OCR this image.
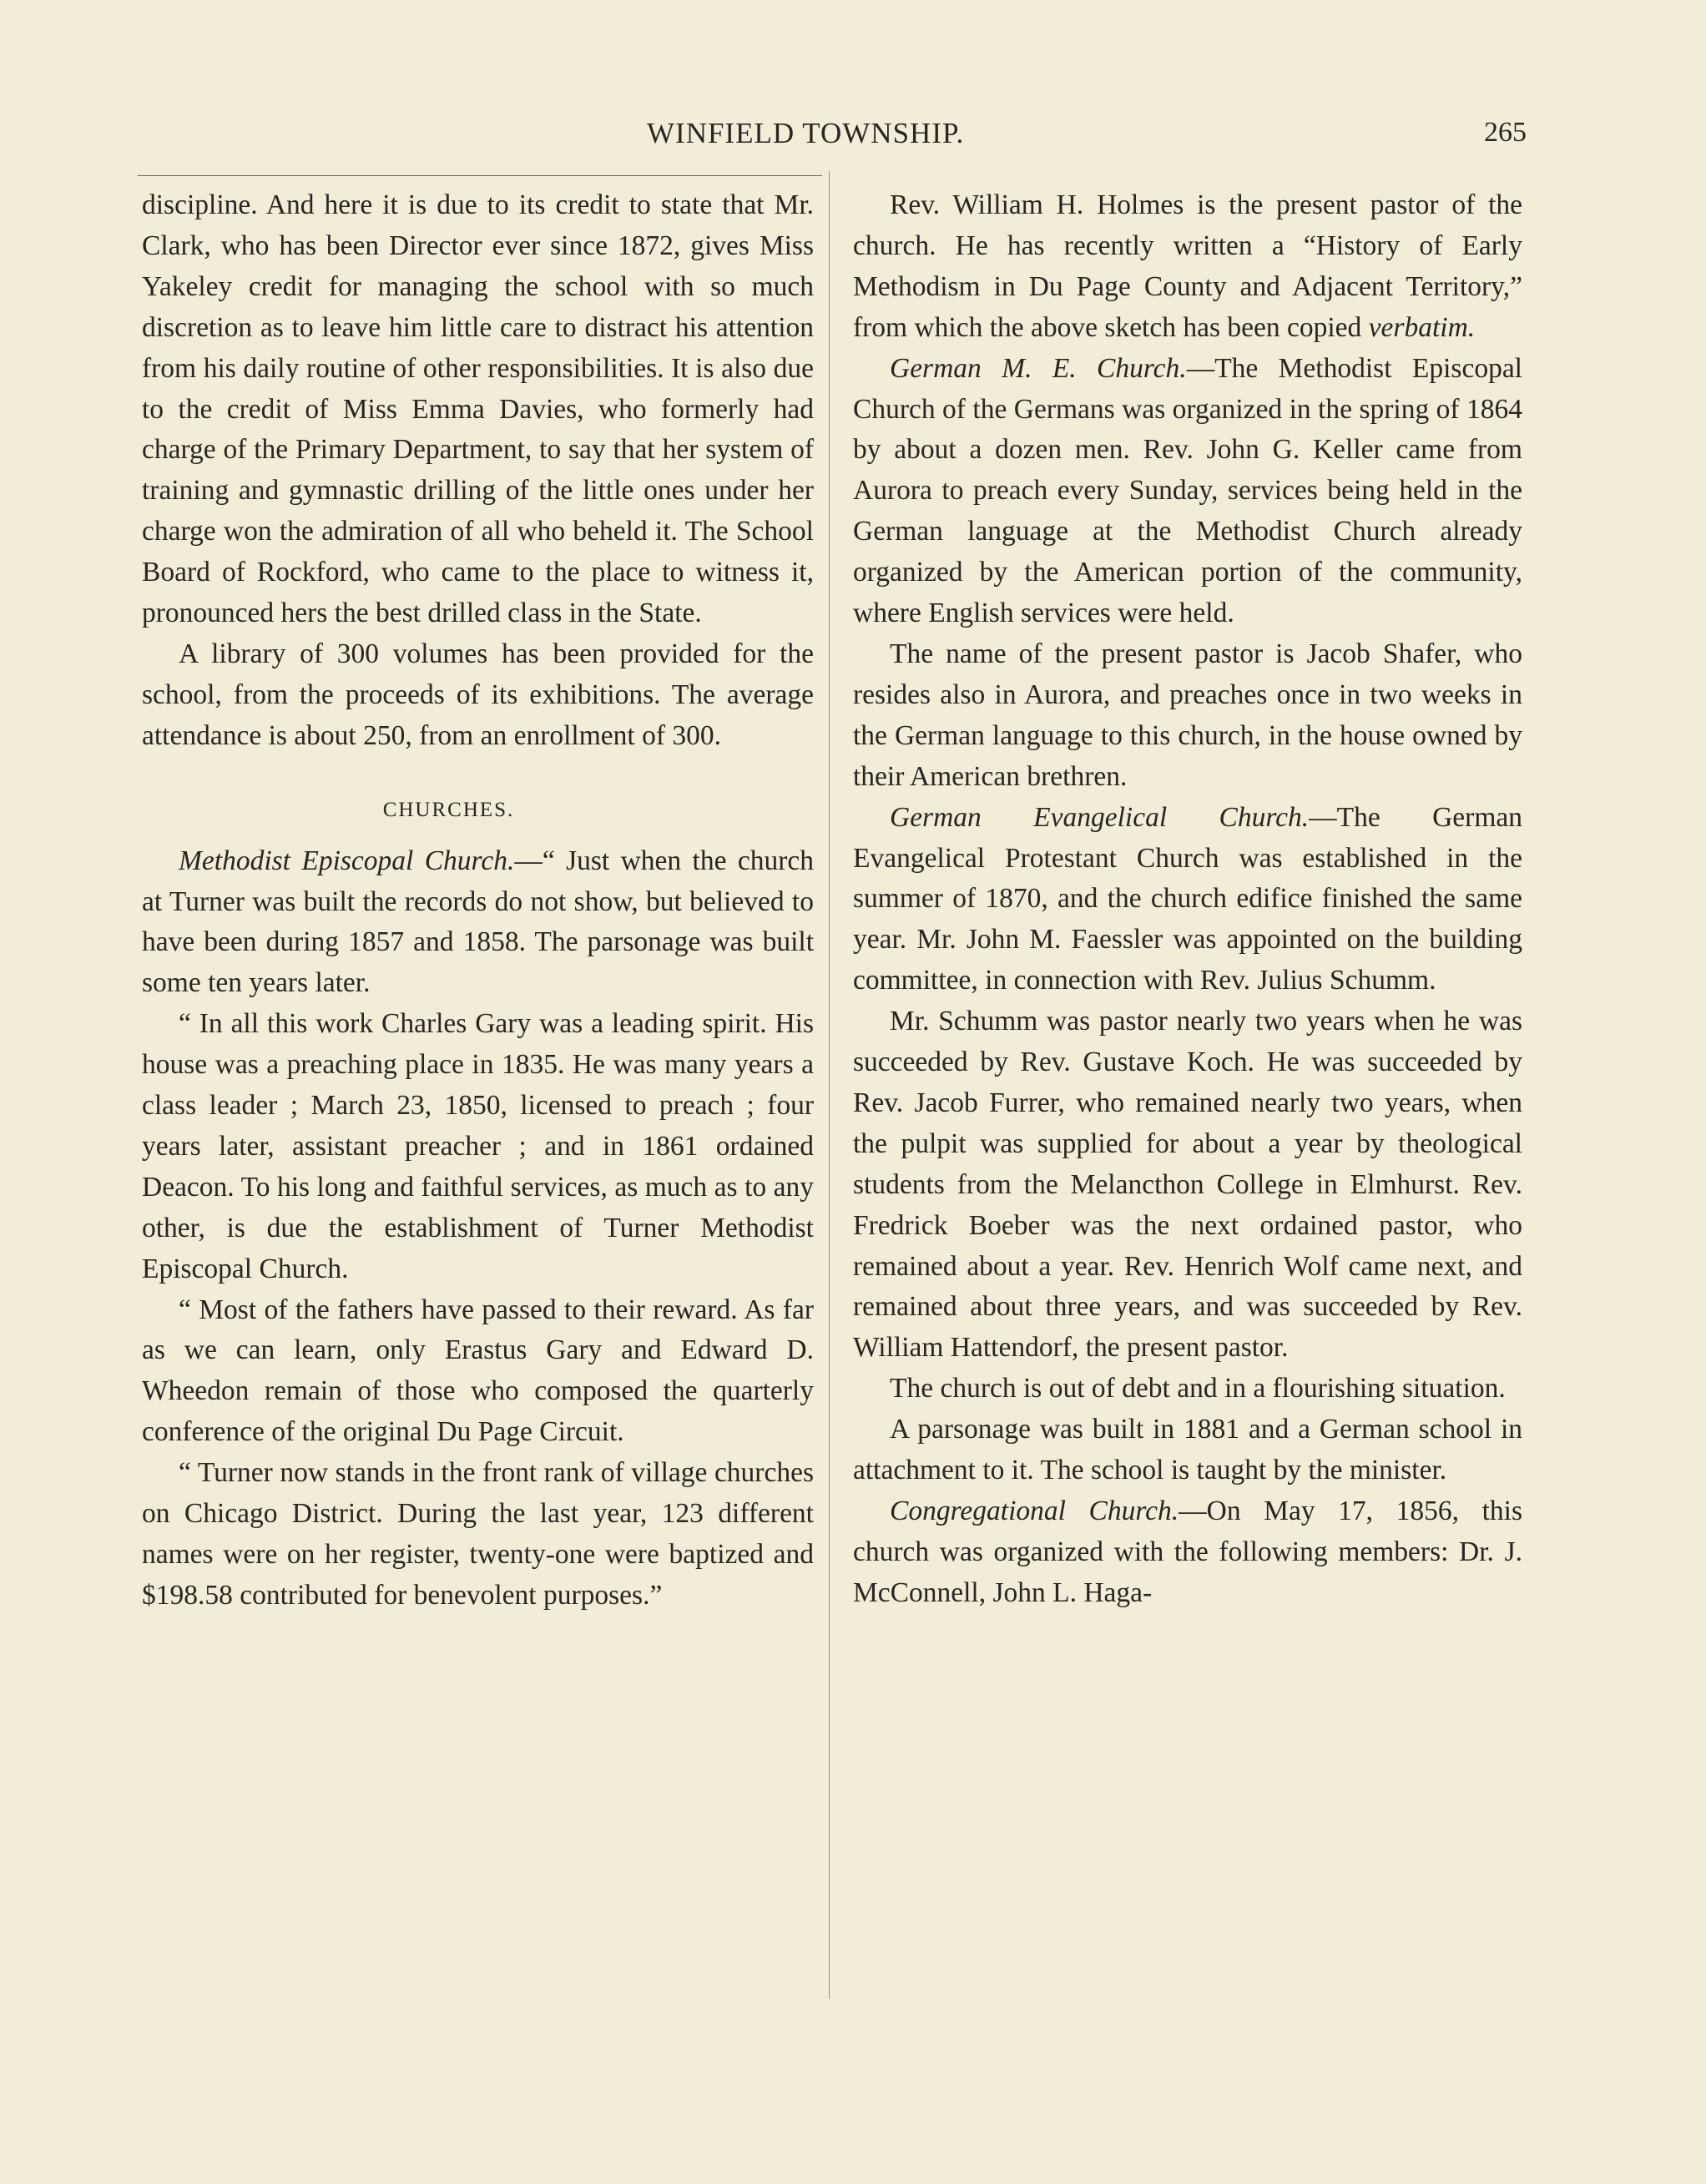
WINFIELD TOWNSHIP.	265

discipline. And here it is due to its credit to state that Mr. Clark, who has been Director ever since 1872, gives Miss Yakeley credit for managing the school with so much discretion as to leave him little care to distract his attention from his daily routine of other responsibilities. It is also due to the credit of Miss Emma Davies, who formerly had charge of the Primary Department, to say that her system of training and gymnastic drilling of the little ones under her charge won the admiration of all who beheld it. The School Board of Rockford, who came to the place to witness it, pronounced hers the best drilled class in the State.

A library of 300 volumes has been provided for the school, from the proceeds of its exhibitions. The average attendance is about 250, from an enrollment of 300.

CHURCHES.

Methodist Episcopal Church.—“ Just when the church at Turner was built the records do not show, but believed to have been during 1857 and 1858. The parsonage was built some ten years later.

“ In all this work Charles Gary was a leading spirit. His house was a preaching place in 1835. He was many years a class leader ; March 23, 1850, licensed to preach ; four years later, assistant preacher ; and in 1861 ordained Deacon. To his long and faithful services, as much as to any other, is due the establishment of Turner Methodist Episcopal Church.

“ Most of the fathers have passed to their reward. As far as we can learn, only Erastus Gary and Edward D. Wheedon remain of those who composed the quarterly conference of the original Du Page Circuit.

“ Turner now stands in the front rank of village churches on Chicago District. During the last year, 123 different names were on her register, twenty-one were baptized and $198.58 contributed for benevolent purposes.”

Rev. William H. Holmes is the present pastor of the church. He has recently written a “History of Early Methodism in Du Page County and Adjacent Territory,” from which the above sketch has been copied verbatim.

German M. E. Church.—The Methodist Episcopal Church of the Germans was organized in the spring of 1864 by about a dozen men. Rev. John G. Keller came from Aurora to preach every Sunday, services being held in the German language at the Methodist Church already organized by the American portion of the community, where English services were held.

The name of the present pastor is Jacob Shafer, who resides also in Aurora, and preaches once in two weeks in the German language to this church, in the house owned by their American brethren.

German Evangelical Church.—The German Evangelical Protestant Church was established in the summer of 1870, and the church edifice finished the same year. Mr. John M. Faessler was appointed on the building committee, in connection with Rev. Julius Schumm.

Mr. Schumm was pastor nearly two years when he was succeeded by Rev. Gustave Koch. He was succeeded by Rev. Jacob Furrer, who remained nearly two years, when the pulpit was supplied for about a year by theological students from the Melancthon College in Elmhurst. Rev. Fredrick Boeber was the next ordained pastor, who remained about a year. Rev. Henrich Wolf came next, and remained about three years, and was succeeded by Rev. William Hattendorf, the present pastor.

The church is out of debt and in a flourishing situation.

A parsonage was built in 1881 and a German school in attachment to it. The school is taught by the minister.

Congregational Church.—On May 17, 1856, this church was organized with the following members: Dr. J. McConnell, John L. Haga-
